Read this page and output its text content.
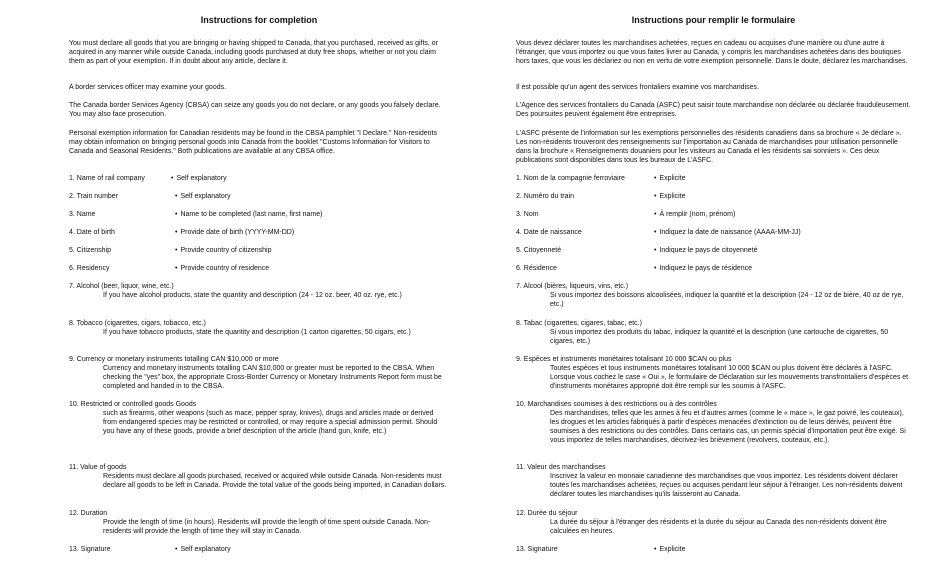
Instructions for completion

You must declare all goods that you are bringing or having shipped to Canada, that you purchased, received as gifts, or acquired in any manner while outside Canada, including goods purchased at duty free shops, whether or not you claim them as part of your exemption. If in doubt about any article, declare it.

A border services officer may examine your goods.

The Canada border Services Agency (CBSA) can seize any goods you do not declare, or any goods you falsely declare. You may also face prosecution.

Personal exemption information for Canadian residents may be found in the CBSA pamphlet "I Declare." Non-residents may obtain information on bringing personal goods into Canada from the booklet "Customs Information for Visitors to Canada and Seasonal Residents." Both publications are available at any CBSA office.

1. Name of rail company	• Self explanatory
2. Train number	• Self explanatory
3. Name	• Name to be completed (last name, first name)
4. Date of birth	• Provide date of birth (YYYY-MM-DD)
5. Citizenship	• Provide country of citizenship
6. Residency	• Provide country of residence
7. Alcohol (beer, liquor, wine, etc.)

If you have alcohol products, state the quantity and description (24 - 12 oz. beer, 40 oz. rye, etc.)

8. Tobacco (cigarettes, cigars, tobacco, etc.)

If you have tobacco products, state the quantity and description (1 carton cigarettes, 50 cigars, etc.)

9. Currency or monetary instruments totalling CAN $10,000 or more

Currency and monetary instruments totalling CAN $10,000 or greater must be reported to the CBSA. When checking the "yes" box, the appropriate Cross-Border Currency or Monetary Instruments Report form must be completed and handed in to the CBSA.

10. Restricted or controlled goods Goods

such as firearms, other weapons (such as mace, pepper spray, knives), drugs and articles made or derived from endangered species may be restricted or controlled, or may require a special admission permit. Should you have any of these goods, provide a brief description of the article (hand gun, knife, etc.)

11. Value of goods

Residents must declare all goods purchased, received or acquired while outside Canada. Non-residents must declare all goods to be left in Canada. Provide the total value of the goods being imported, in Canadian dollars.

12. Duration

Provide the length of time (in hours). Residents will provide the length of time spent outside Canada. Non-residents will provide the length of time they will stay in Canada.

13. Signature	• Self explanatory
Instructions pour remplir le formulaire

Vous devez déclarer toutes les marchandises achetées, reçues en cadeau ou acquises d'une manière ou d'une autre à l'étranger, que vous importez ou que vous faites livrer au Canada, y compris les marchandises achetées dans des boutiques hors taxes, que vous les déclariez ou non en vertu de votre exemption personnelle. Dans le doute, déclarez les marchandises.

Il est possible qu'un agent des services frontaliers examine vos marchandises.

L'Agence des services frontaliers du Canada (ASFC) peut saisir toute marchandise non déclarée ou déclarée frauduleusement. Des poursuites peuvent également être entreprises.

L'ASFC présente de l'information sur les exemptions personnelles des résidents canadiens dans sa brochure « Je déclare ». Les non-résidents trouveront des renseignements sur l'importation au Canada de marchandises pour utilisation personnelle dans la brochure « Renseignements douaniers pour les visiteurs au Canada et les résidents sai sonniers ». Ces deux publications sont disponibles dans tous les bureaux de L'ASFC.

1. Nom de la compagnie ferroviaire	• Explicite
2. Numéro du train	• Explicite
3. Nom	• À remplir (nom, prénom)
4. Date de naissance	• Indiquez la date de naissance (AAAA-MM-JJ)
5. Citoyenneté	• Indiquez le pays de citoyenneté
6. Résidence	• Indiquez le pays de résidence
7. Alcool (bières, liqueurs, vins, etc.)

Si vous importez des boissons alcoolisées, indiquez la quantité et la description (24 - 12 oz de bière, 40 oz de rye, etc.)

8. Tabac (cigarettes, cigares, tabac, etc.)

Si vous importez des produits du tabac, indiquez la quantité et la description (une cartouche de cigarettes, 50 cigares, etc.)

9. Espèces et instruments monétaires totalisant 10 000 $CAN ou plus

Toutes espèces et tous instruments monétaires totalisant 10 000 $CAN ou plus doivent être déclarés à l'ASFC. Lorsque vous cochez le case « Oui », le formulaire de Déclaration sur les mouvements transfrontaliers d'espèces et d'instruments monétaires approprié doit être rempli sur les soumis à l'ASFC.

10. Marchandises soumises à des restrictions ou à des contrôles

Des marchandises, telles que les armes à feu et d'autres armes (comme le « mace », le gaz poivré, les couteaux), les drogues et les articles fabriqués à partir d'espèces menacées d'extinction ou de leurs dérivés, peuvent être soumises à des restrictions ou des contrôles. Dans certains cas, un permis spécial d'importation peut être exigé. Si vous importez de telles marchandises, décrivez-les brièvement (revolvers, couteaux, etc.).

11. Valeur des marchandises

Inscrivez la valeur en monnaie canadienne des marchandises que vous importez. Les résidents doivent déclarer toutes les marchandises achetées, reçues ou acquises pendant leur séjour à l'étranger. Les non-résidents doivent déclarer toutes les marchandises qu'ils laisseront au Canada.

12. Durée du séjour

La durée du séjour à l'étranger des résidents et la durée du séjour au Canada des non-résidents doivent être calculées en heures.

13. Signature	• Explicite
